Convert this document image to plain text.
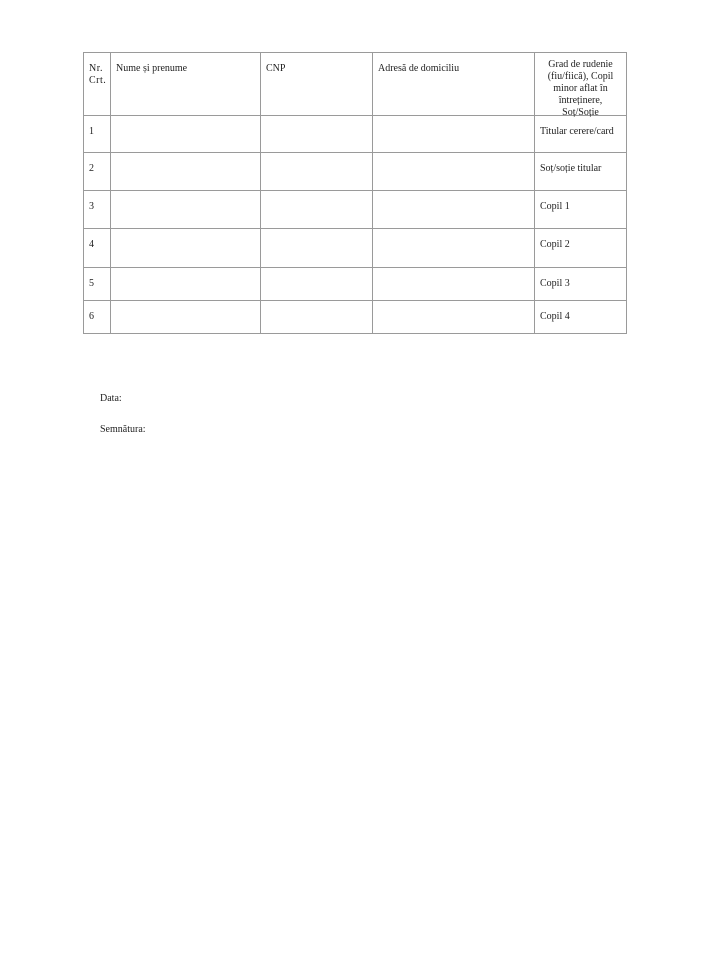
Nr. Crt.	Nume și prenume	CNP	Adresă de domiciliu	Grad de rudenie (fiu/fiică), Copil minor aflat în întreținere, Soț/Soție

1				Titular cerere/card
2				Soț/soție titular
3				Copil 1
4				Copil 2
5				Copil 3
6				Copil 4
Data:
Semnătura:
